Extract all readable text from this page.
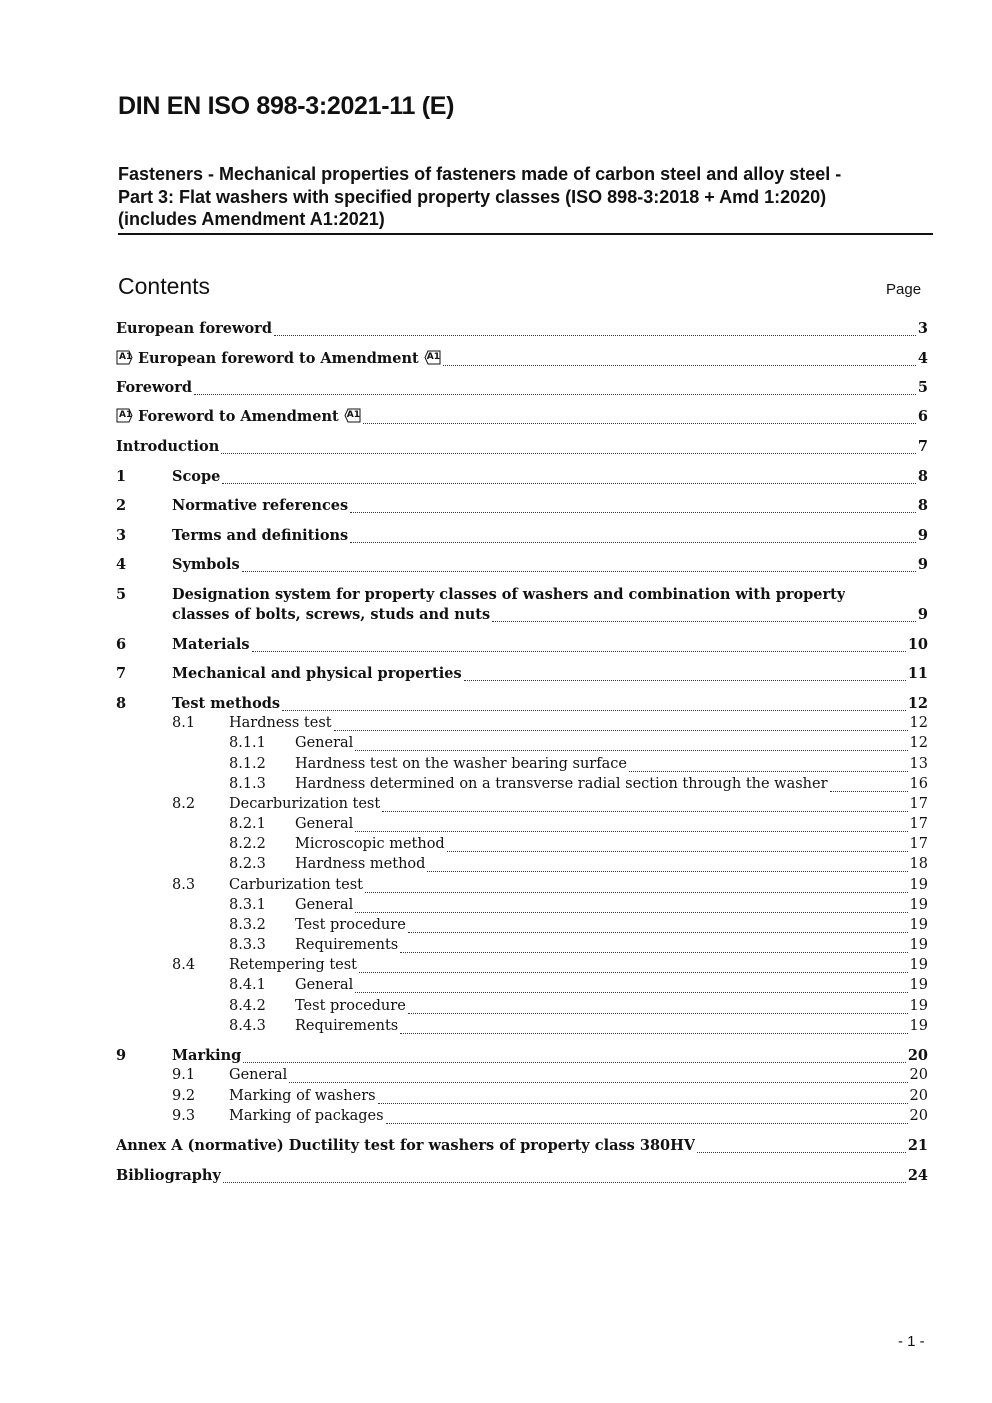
DIN EN ISO 898-3:2021-11 (E)
Fasteners - Mechanical properties of fasteners made of carbon steel and alloy steel -
Part 3: Flat washers with specified property classes (ISO 898-3:2018 + Amd 1:2020)
(includes Amendment A1:2021)
Contents	Page
European foreword	3
A1 European foreword to Amendment A1	4
Foreword	5
A1 Foreword to Amendment A1	6
Introduction	7
1	Scope	8
2	Normative references	8
3	Terms and definitions	9
4	Symbols	9
5	Designation system for property classes of washers and combination with property
classes of bolts, screws, studs and nuts	9
6	Materials	10
7	Mechanical and physical properties	11
8	Test methods	12
8.1	Hardness test	12
8.1.1	General	12
8.1.2	Hardness test on the washer bearing surface	13
8.1.3	Hardness determined on a transverse radial section through the washer	16
8.2	Decarburization test	17
8.2.1	General	17
8.2.2	Microscopic method	17
8.2.3	Hardness method	18
8.3	Carburization test	19
8.3.1	General	19
8.3.2	Test procedure	19
8.3.3	Requirements	19
8.4	Retempering test	19
8.4.1	General	19
8.4.2	Test procedure	19
8.4.3	Requirements	19
9	Marking	20
9.1	General	20
9.2	Marking of washers	20
9.3	Marking of packages	20
Annex A (normative) Ductility test for washers of property class 380HV	21
Bibliography	24
- 1 -
